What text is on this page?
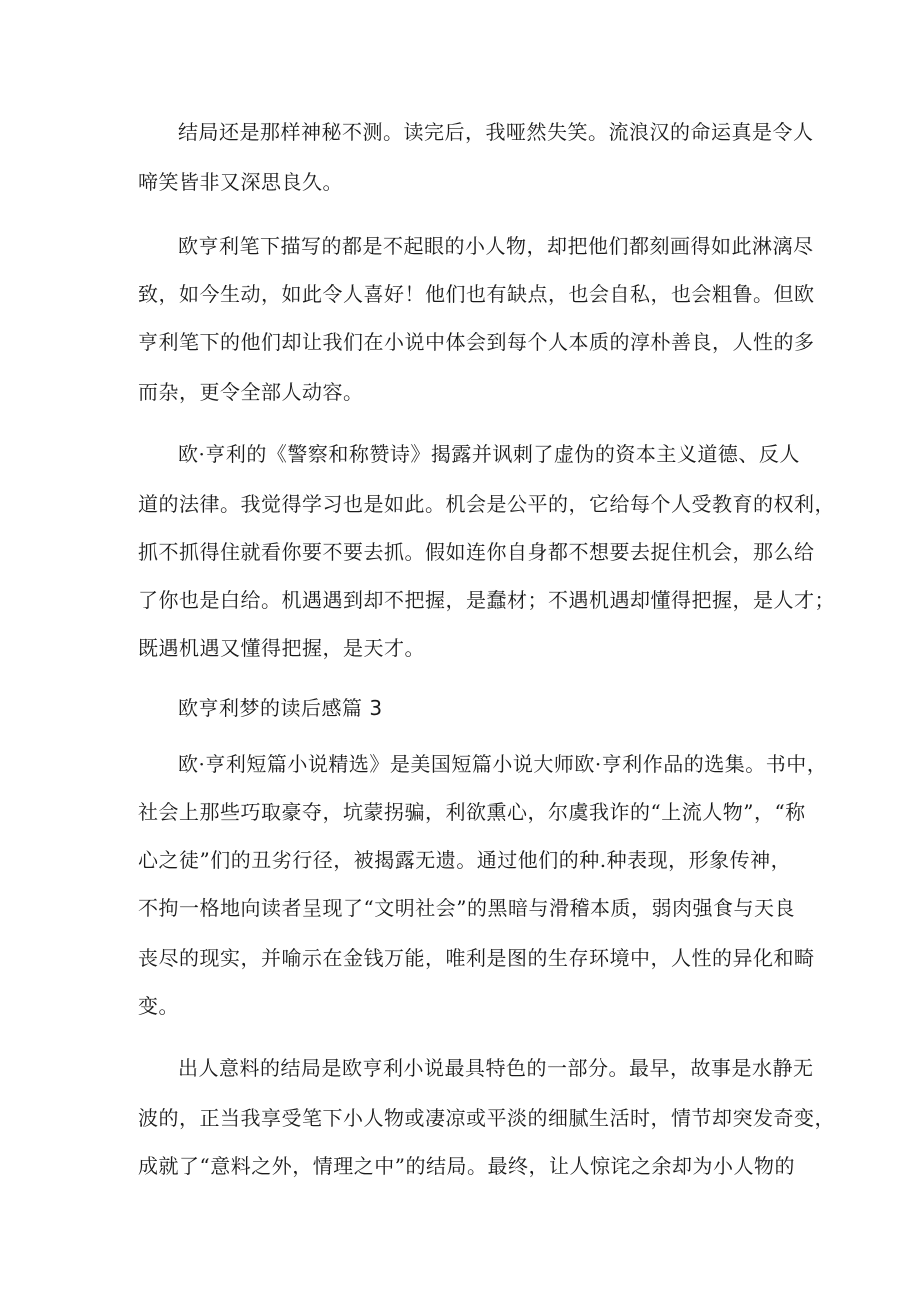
结局还是那样神秘不测。读完后，我哑然失笑。流浪汉的命运真是令人
啼笑皆非又深思良久。
欧亨利笔下描写的都是不起眼的小人物，却把他们都刻画得如此淋漓尽
致，如今生动，如此令人喜好！他们也有缺点，也会自私，也会粗鲁。但欧
亨利笔下的他们却让我们在小说中体会到每个人本质的淳朴善良，人性的多
而杂，更令全部人动容。
欧·亨利的《警察和称赞诗》揭露并讽刺了虚伪的资本主义道德、反人
道的法律。我觉得学习也是如此。机会是公平的，它给每个人受教育的权利，
抓不抓得住就看你要不要去抓。假如连你自身都不想要去捉住机会，那么给
了你也是白给。机遇遇到却不把握，是蠢材；不遇机遇却懂得把握，是人才；
既遇机遇又懂得把握，是天才。
欧亨利梦的读后感篇 3
欧·亨利短篇小说精选》是美国短篇小说大师欧·亨利作品的选集。书中，
社会上那些巧取豪夺，坑蒙拐骗，利欲熏心，尔虞我诈的“上流人物”，“称
心之徒”们的丑劣行径，被揭露无遗。通过他们的种.种表现，形象传神，
不拘一格地向读者呈现了“文明社会”的黑暗与滑稽本质，弱肉强食与天良
丧尽的现实，并喻示在金钱万能，唯利是图的生存环境中，人性的异化和畸
变。
出人意料的结局是欧亨利小说最具特色的一部分。最早，故事是水静无
波的，正当我享受笔下小人物或凄凉或平淡的细腻生活时，情节却突发奇变，
成就了“意料之外，情理之中”的结局。最终，让人惊诧之余却为小人物的
